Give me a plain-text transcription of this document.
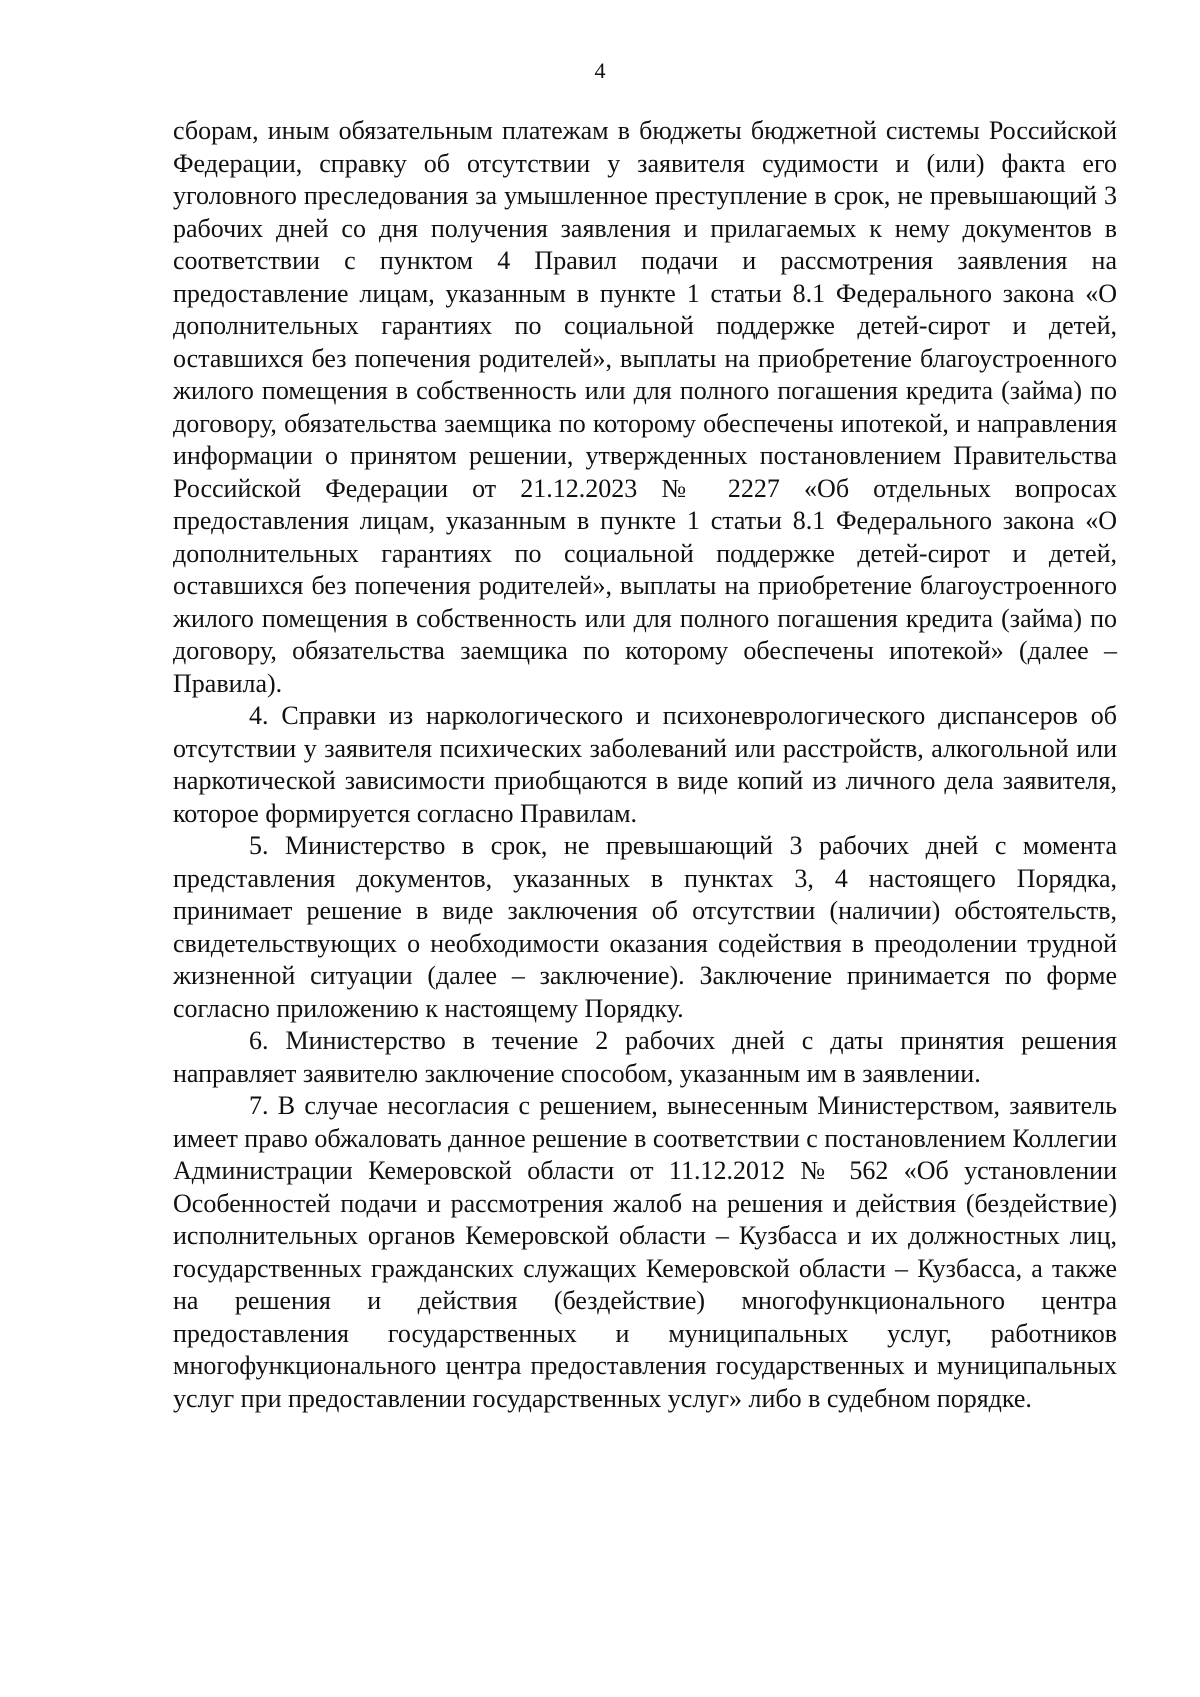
4

сборам, иным обязательным платежам в бюджеты бюджетной системы Российской Федерации, справку об отсутствии у заявителя судимости и (или) факта его уголовного преследования за умышленное преступление в срок, не превышающий 3 рабочих дней со дня получения заявления и прилагаемых к нему документов в соответствии с пунктом 4 Правил подачи и рассмотрения заявления на предоставление лицам, указанным в пункте 1 статьи 8.1 Федерального закона «О дополнительных гарантиях по социальной поддержке детей-сирот и детей, оставшихся без попечения родителей», выплаты на приобретение благоустроенного жилого помещения в собственность или для полного погашения кредита (займа) по договору, обязательства заемщика по которому обеспечены ипотекой, и направления информации о принятом решении, утвержденных постановлением Правительства Российской Федерации от 21.12.2023 № 2227 «Об отдельных вопросах предоставления лицам, указанным в пункте 1 статьи 8.1 Федерального закона «О дополнительных гарантиях по социальной поддержке детей-сирот и детей, оставшихся без попечения родителей», выплаты на приобретение благоустроенного жилого помещения в собственность или для полного погашения кредита (займа) по договору, обязательства заемщика по которому обеспечены ипотекой» (далее – Правила).

4. Справки из наркологического и психоневрологического диспансеров об отсутствии у заявителя психических заболеваний или расстройств, алкогольной или наркотической зависимости приобщаются в виде копий из личного дела заявителя, которое формируется согласно Правилам.

5. Министерство в срок, не превышающий 3 рабочих дней с момента представления документов, указанных в пунктах 3, 4 настоящего Порядка, принимает решение в виде заключения об отсутствии (наличии) обстоятельств, свидетельствующих о необходимости оказания содействия в преодолении трудной жизненной ситуации (далее – заключение). Заключение принимается по форме согласно приложению к настоящему Порядку.

6. Министерство в течение 2 рабочих дней с даты принятия решения направляет заявителю заключение способом, указанным им в заявлении.

7. В случае несогласия с решением, вынесенным Министерством, заявитель имеет право обжаловать данное решение в соответствии с постановлением Коллегии Администрации Кемеровской области от 11.12.2012 № 562 «Об установлении Особенностей подачи и рассмотрения жалоб на решения и действия (бездействие) исполнительных органов Кемеровской области – Кузбасса и их должностных лиц, государственных гражданских служащих Кемеровской области – Кузбасса, а также на решения и действия (бездействие) многофункционального центра предоставления государственных и муниципальных услуг, работников многофункционального центра предоставления государственных и муниципальных услуг при предоставлении государственных услуг» либо в судебном порядке.
